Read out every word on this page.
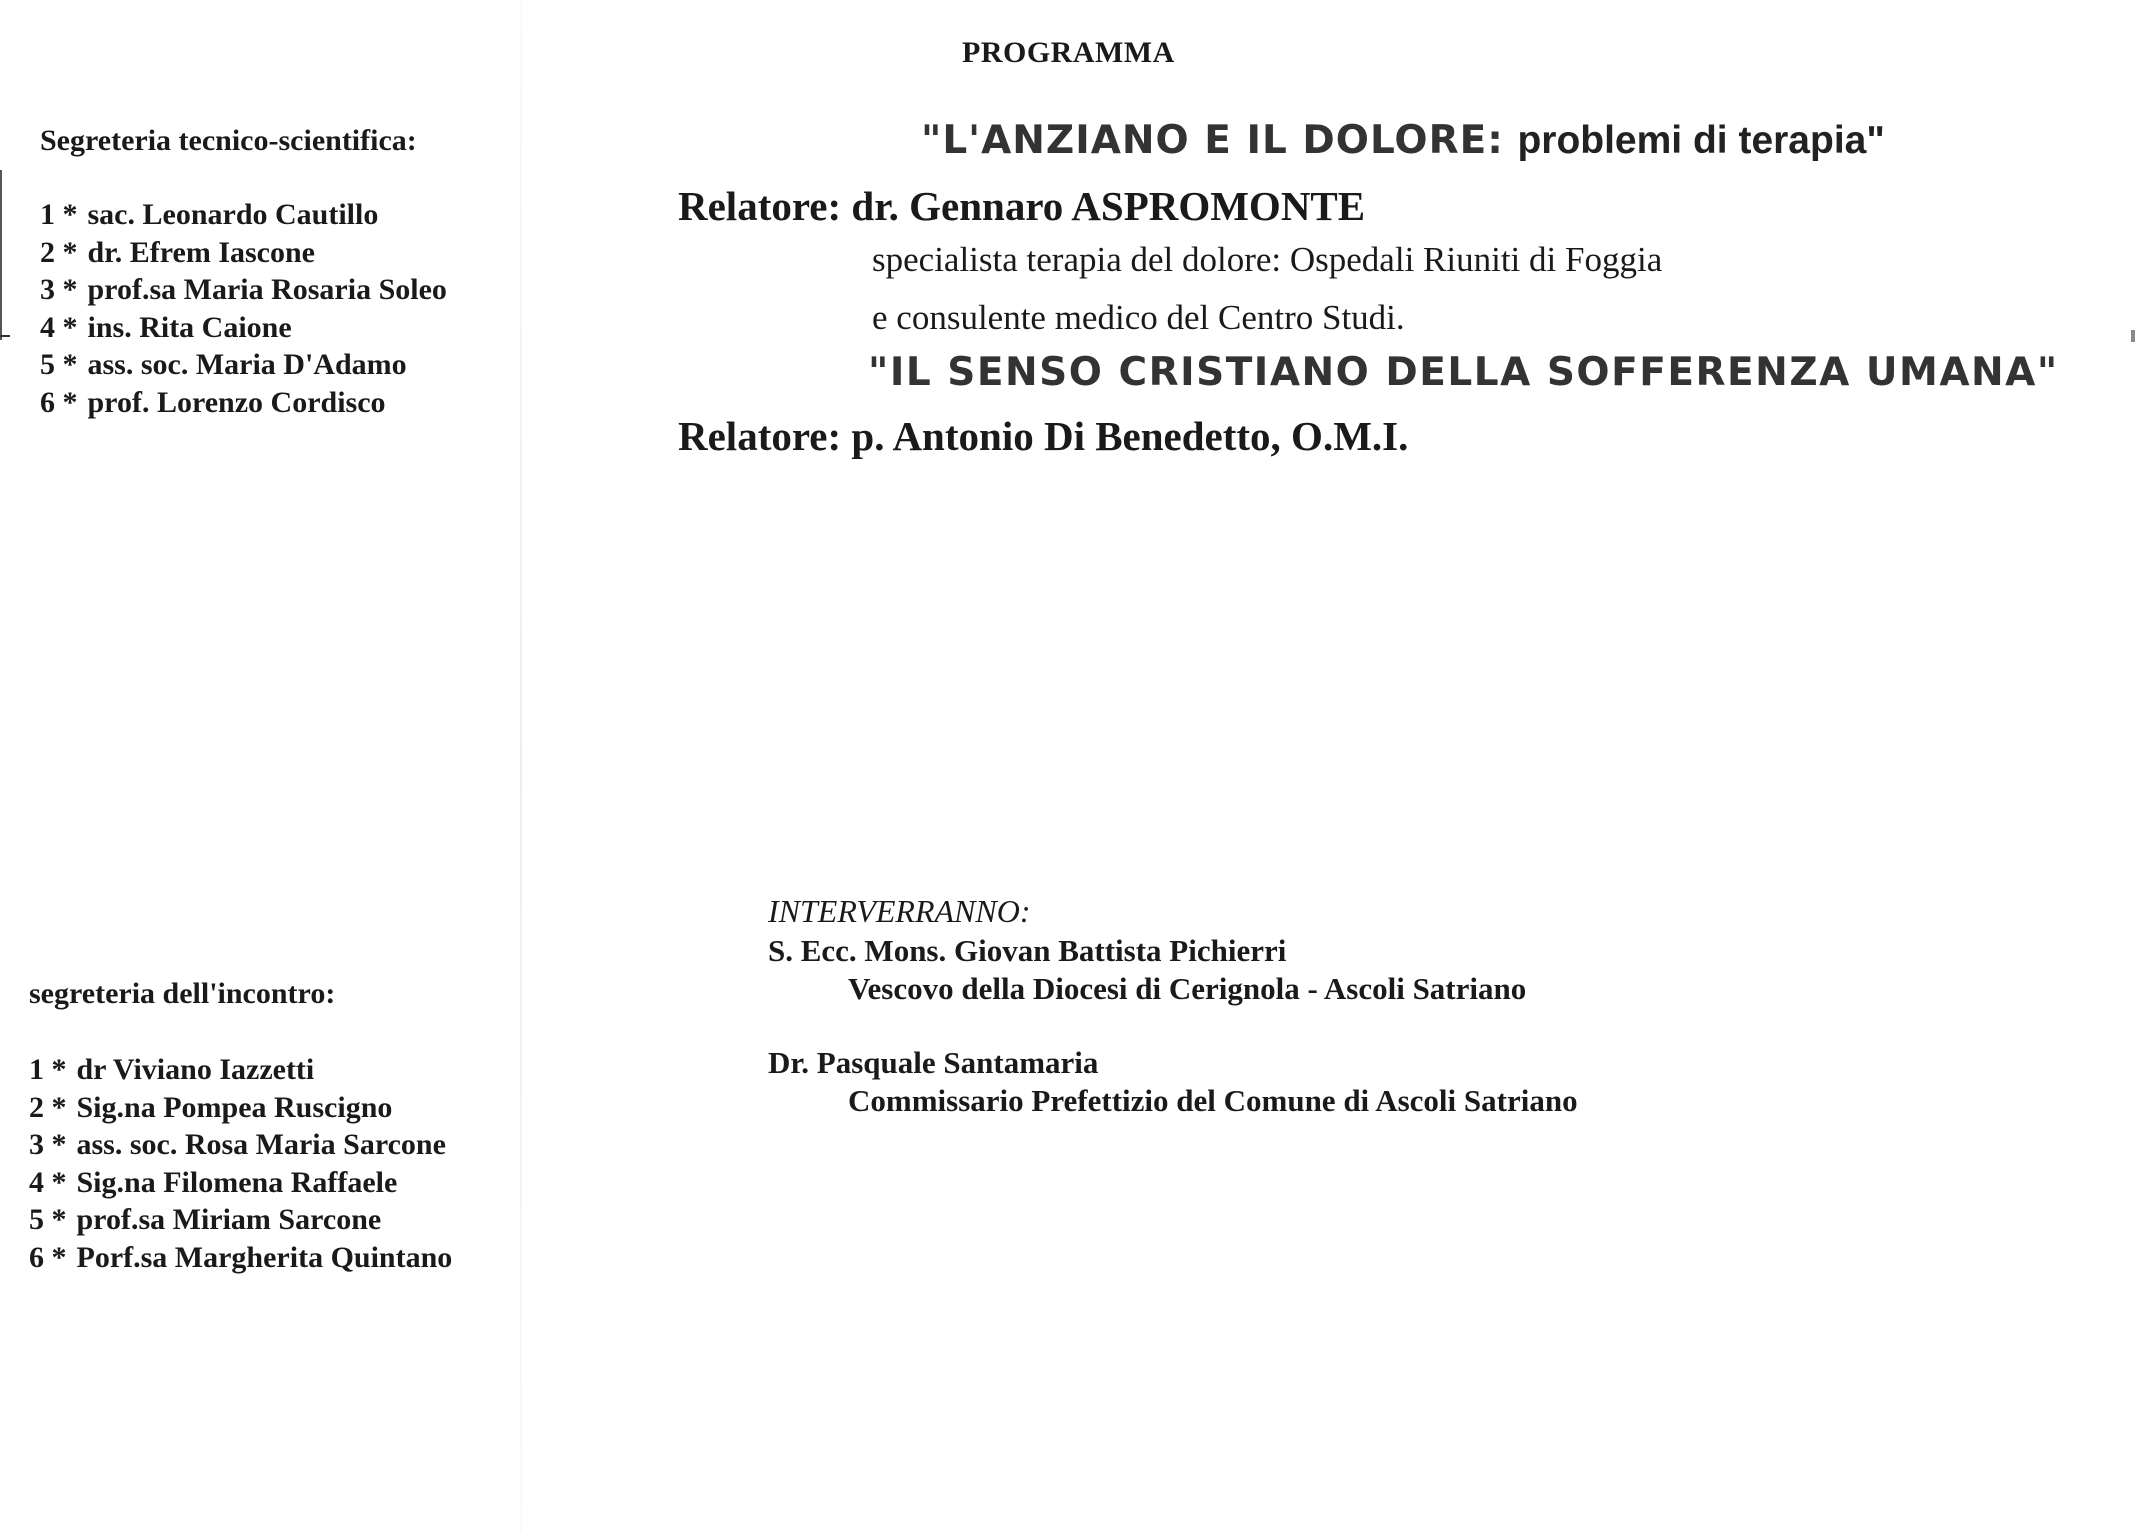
Segreteria tecnico-scientifica:
1 * sac. Leonardo Cautillo
2 * dr. Efrem Iascone
3 * prof.sa Maria Rosaria Soleo
4 * ins. Rita Caione
5 * ass. soc. Maria D'Adamo
6 * prof. Lorenzo Cordisco
segreteria dell'incontro:
1 * dr Viviano Iazzetti
2 * Sig.na Pompea Ruscigno
3 * ass. soc. Rosa Maria Sarcone
4 * Sig.na Filomena Raffaele
5 * prof.sa Miriam Sarcone
6 * Porf.sa Margherita Quintano
PROGRAMMA
"L'ANZIANO E IL DOLORE: problemi di terapia"
Relatore: dr. Gennaro ASPROMONTE
specialista terapia del dolore: Ospedali Riuniti di Foggia
e consulente medico del Centro Studi.
"IL SENSO CRISTIANO DELLA SOFFERENZA UMANA"
Relatore: p. Antonio Di Benedetto, O.M.I.
INTERVERRANNO:
S. Ecc. Mons. Giovan Battista Pichierri
Vescovo della Diocesi di Cerignola - Ascoli Satriano
Dr. Pasquale Santamaria
Commissario Prefettizio del Comune di Ascoli Satriano
